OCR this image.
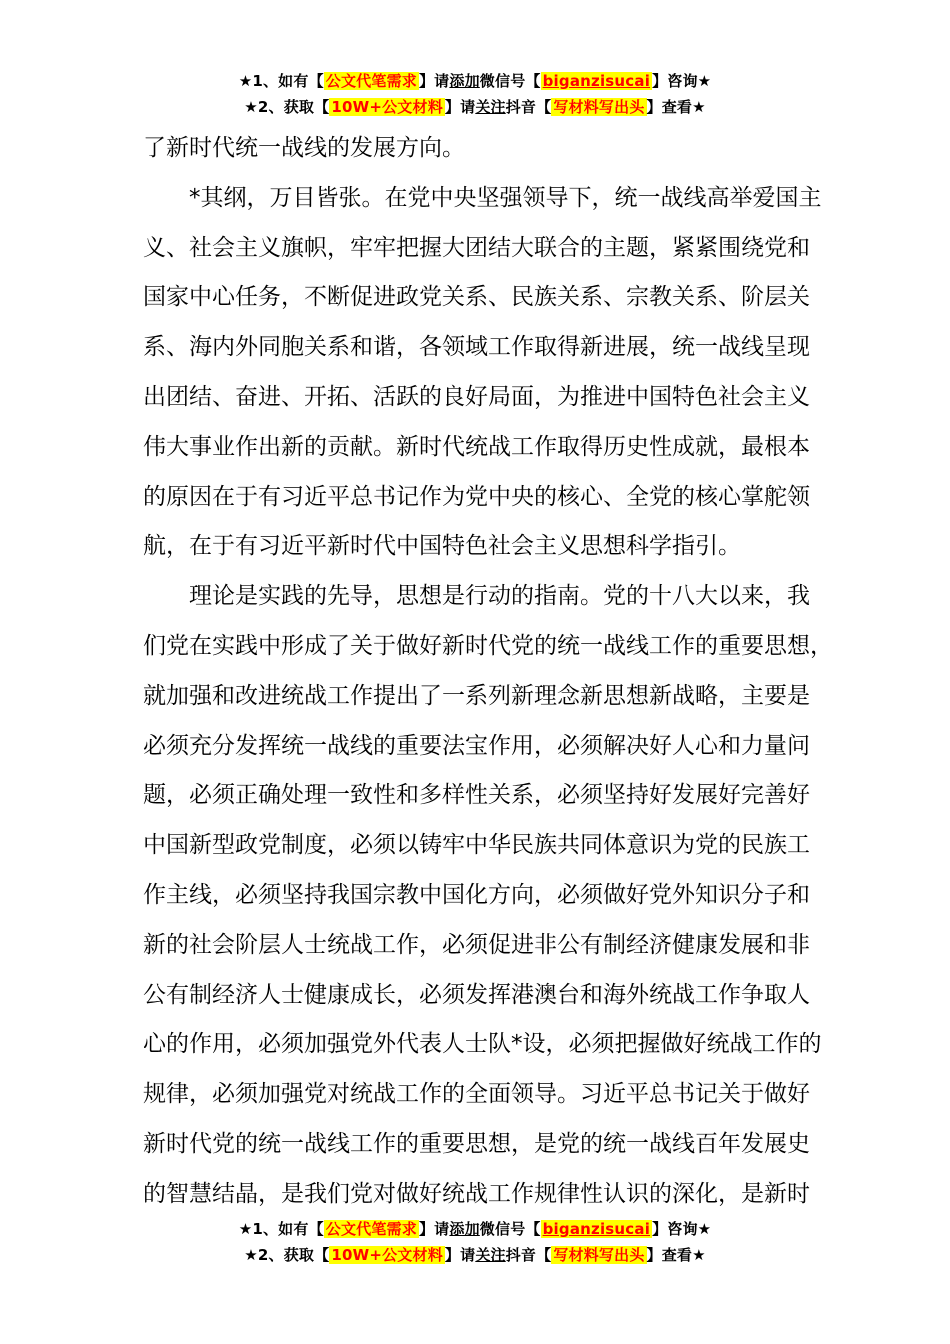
★1、如有【 公文代笔需求 】请添加微信号【 biganzisucai 】咨询★
★2、获取【 10W+公文材料 】请关注抖音【 写材料写出头 】查看★
了新时代统一战线的发展方向。
*其纲，万目皆张。在党中央坚强领导下，统一战线高举爱国主
义、社会主义旗帜，牢牢把握大团结大联合的主题，紧紧围绕党和
国家中心任务，不断促进政党关系、民族关系、宗教关系、阶层关
系、海内外同胞关系和谐，各领域工作取得新进展，统一战线呈现
出团结、奋进、开拓、活跃的良好局面，为推进中国特色社会主义
伟大事业作出新的贡献。新时代统战工作取得历史性成就，最根本
的原因在于有习近平总书记作为党中央的核心、全党的核心掌舵领
航，在于有习近平新时代中国特色社会主义思想科学指引。
理论是实践的先导，思想是行动的指南。党的十八大以来，我
们党在实践中形成了关于做好新时代党的统一战线工作的重要思想，
就加强和改进统战工作提出了一系列新理念新思想新战略，主要是
必须充分发挥统一战线的重要法宝作用，必须解决好人心和力量问
题，必须正确处理一致性和多样性关系，必须坚持好发展好完善好
中国新型政党制度，必须以铸牢中华民族共同体意识为党的民族工
作主线，必须坚持我国宗教中国化方向，必须做好党外知识分子和
新的社会阶层人士统战工作，必须促进非公有制经济健康发展和非
公有制经济人士健康成长，必须发挥港澳台和海外统战工作争取人
心的作用，必须加强党外代表人士队*设，必须把握做好统战工作的
规律，必须加强党对统战工作的全面领导。习近平总书记关于做好
新时代党的统一战线工作的重要思想，是党的统一战线百年发展史
的智慧结晶，是我们党对做好统战工作规律性认识的深化，是新时
★1、如有【 公文代笔需求 】请添加微信号【 biganzisucai 】咨询★
★2、获取【 10W+公文材料 】请关注抖音【 写材料写出头 】查看★
